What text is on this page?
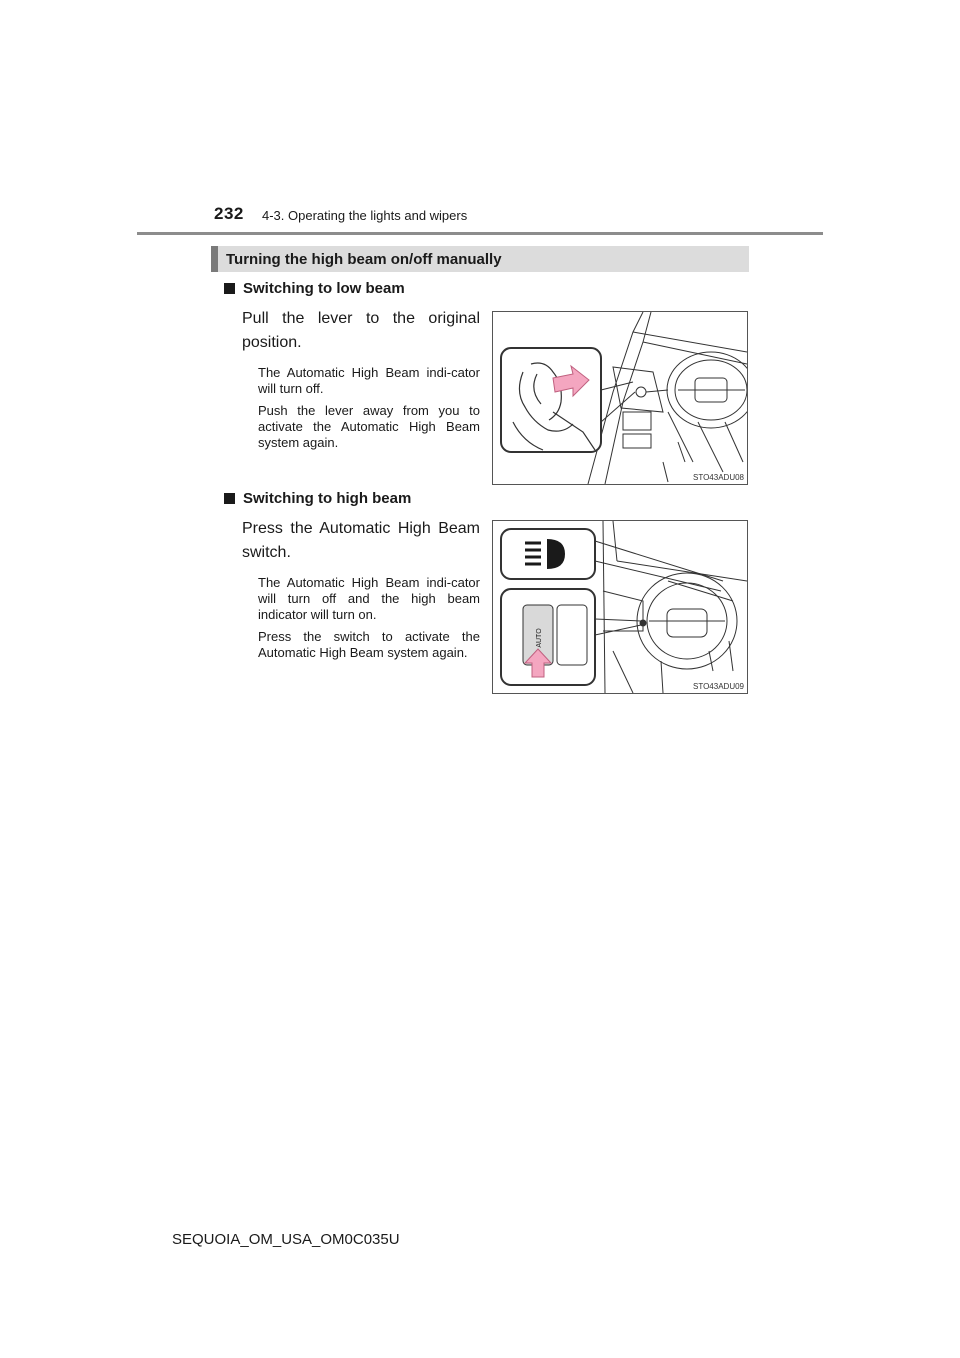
232 4-3. Operating the lights and wipers
Turning the high beam on/off manually
Switching to low beam
Pull the lever to the original position.
The Automatic High Beam indi-cator will turn off.
Push the lever away from you to activate the Automatic High Beam system again.
STO43ADU08
Switching to high beam
Press the Automatic High Beam switch.
The Automatic High Beam indi-cator will turn off and the high beam indicator will turn on.
Press the switch to activate the Automatic High Beam system again.
AUTO
STO43ADU09
SEQUOIA_OM_USA_OM0C035U
